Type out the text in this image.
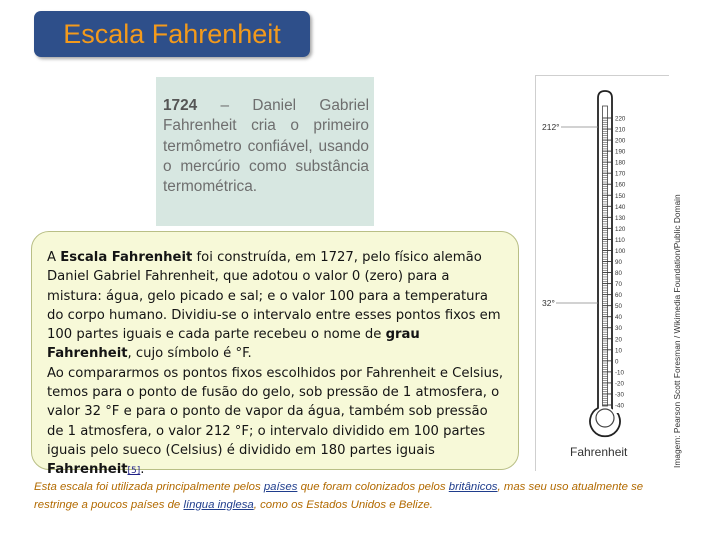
Escala Fahrenheit
1724 – Daniel Gabriel Fahrenheit cria o primeiro termômetro confiável, usando o mercúrio como substância termométrica.
A Escala Fahrenheit foi construída, em 1727, pelo físico alemão Daniel Gabriel Fahrenheit, que adotou o valor 0 (zero) para a mistura: água, gelo picado e sal; e o valor 100 para a temperatura do corpo humano. Dividiu-se o intervalo entre esses pontos fixos em 100 partes iguais e cada parte recebeu o nome de grau Fahrenheit, cujo símbolo é °F.
Ao compararmos os pontos fixos escolhidos por Fahrenheit e Celsius, temos para o ponto de fusão do gelo, sob pressão de 1 atmosfera, o valor 32 °F e para o ponto de vapor da água, também sob pressão de 1 atmosfera, o valor 212 °F; o intervalo dividido em 100 partes iguais pelo sueco (Celsius) é dividido em 180 partes iguais Fahrenheit[5].
220
210
200
190
180
170
160
150
140
130
120
110
100
90
80
70
60
50
40
30
20
10
0
-10
-20
-30
-40
212°
32°
Fahrenheit	Imagem: Pearson Scott Foresman / Wikimedia Foundation/Public Domain
Esta escala foi utilizada principalmente pelos países que foram colonizados pelos britânicos, mas seu uso atualmente se restringe a poucos países de língua inglesa, como os Estados Unidos e Belize.
